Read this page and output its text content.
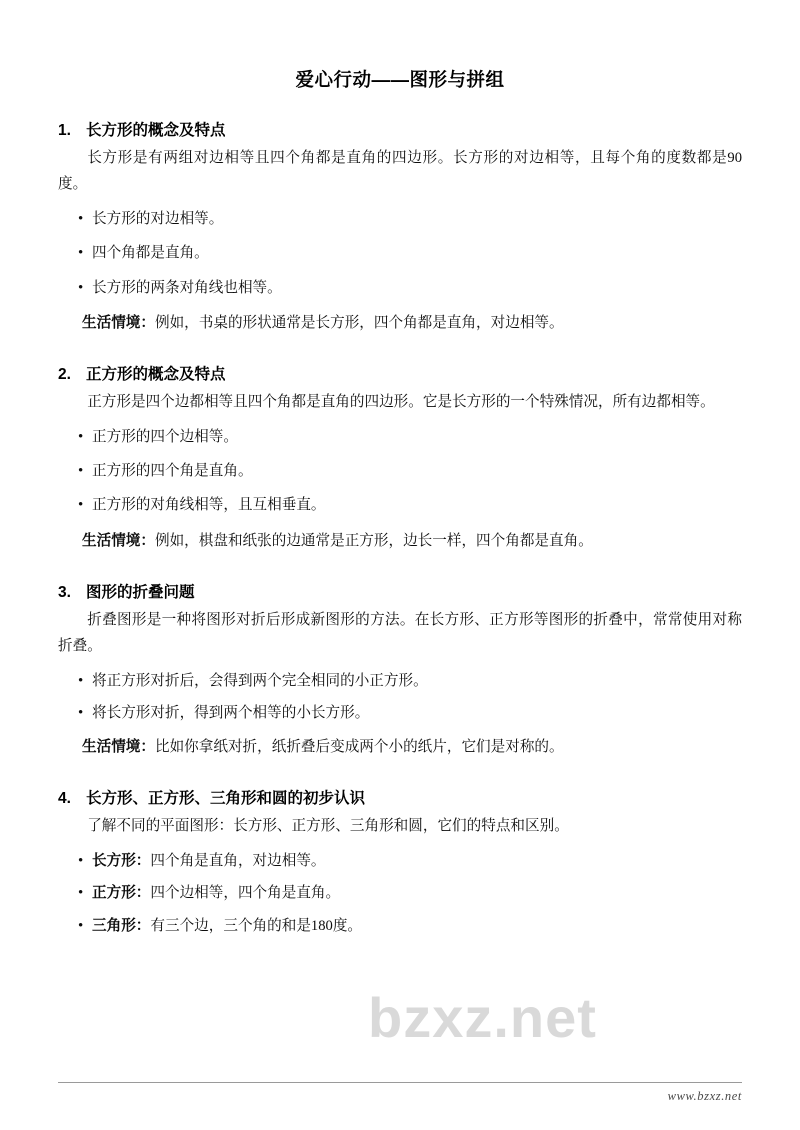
bzxz.net
爱心行动——图形与拼组
1. 长方形的概念及特点

长方形是有两组对边相等且四个角都是直角的四边形。长方形的对边相等，且每个角的度数都是90度。

• 长方形的对边相等。
• 四个角都是直角。
• 长方形的两条对角线也相等。

生活情境：例如，书桌的形状通常是长方形，四个角都是直角，对边相等。

2. 正方形的概念及特点

正方形是四个边都相等且四个角都是直角的四边形。它是长方形的一个特殊情况，所有边都相等。

• 正方形的四个边相等。
• 正方形的四个角是直角。
• 正方形的对角线相等，且互相垂直。

生活情境：例如，棋盘和纸张的边通常是正方形，边长一样，四个角都是直角。

3. 图形的折叠问题

折叠图形是一种将图形对折后形成新图形的方法。在长方形、正方形等图形的折叠中，常常使用对称折叠。

• 将正方形对折后，会得到两个完全相同的小正方形。
• 将长方形对折，得到两个相等的小长方形。

生活情境：比如你拿纸对折，纸折叠后变成两个小的纸片，它们是对称的。

4. 长方形、正方形、三角形和圆的初步认识

了解不同的平面图形：长方形、正方形、三角形和圆，它们的特点和区别。

• 长方形：四个角是直角，对边相等。
• 正方形：四个边相等，四个角是直角。
• 三角形：有三个边，三个角的和是180度。
www.bzxz.net
